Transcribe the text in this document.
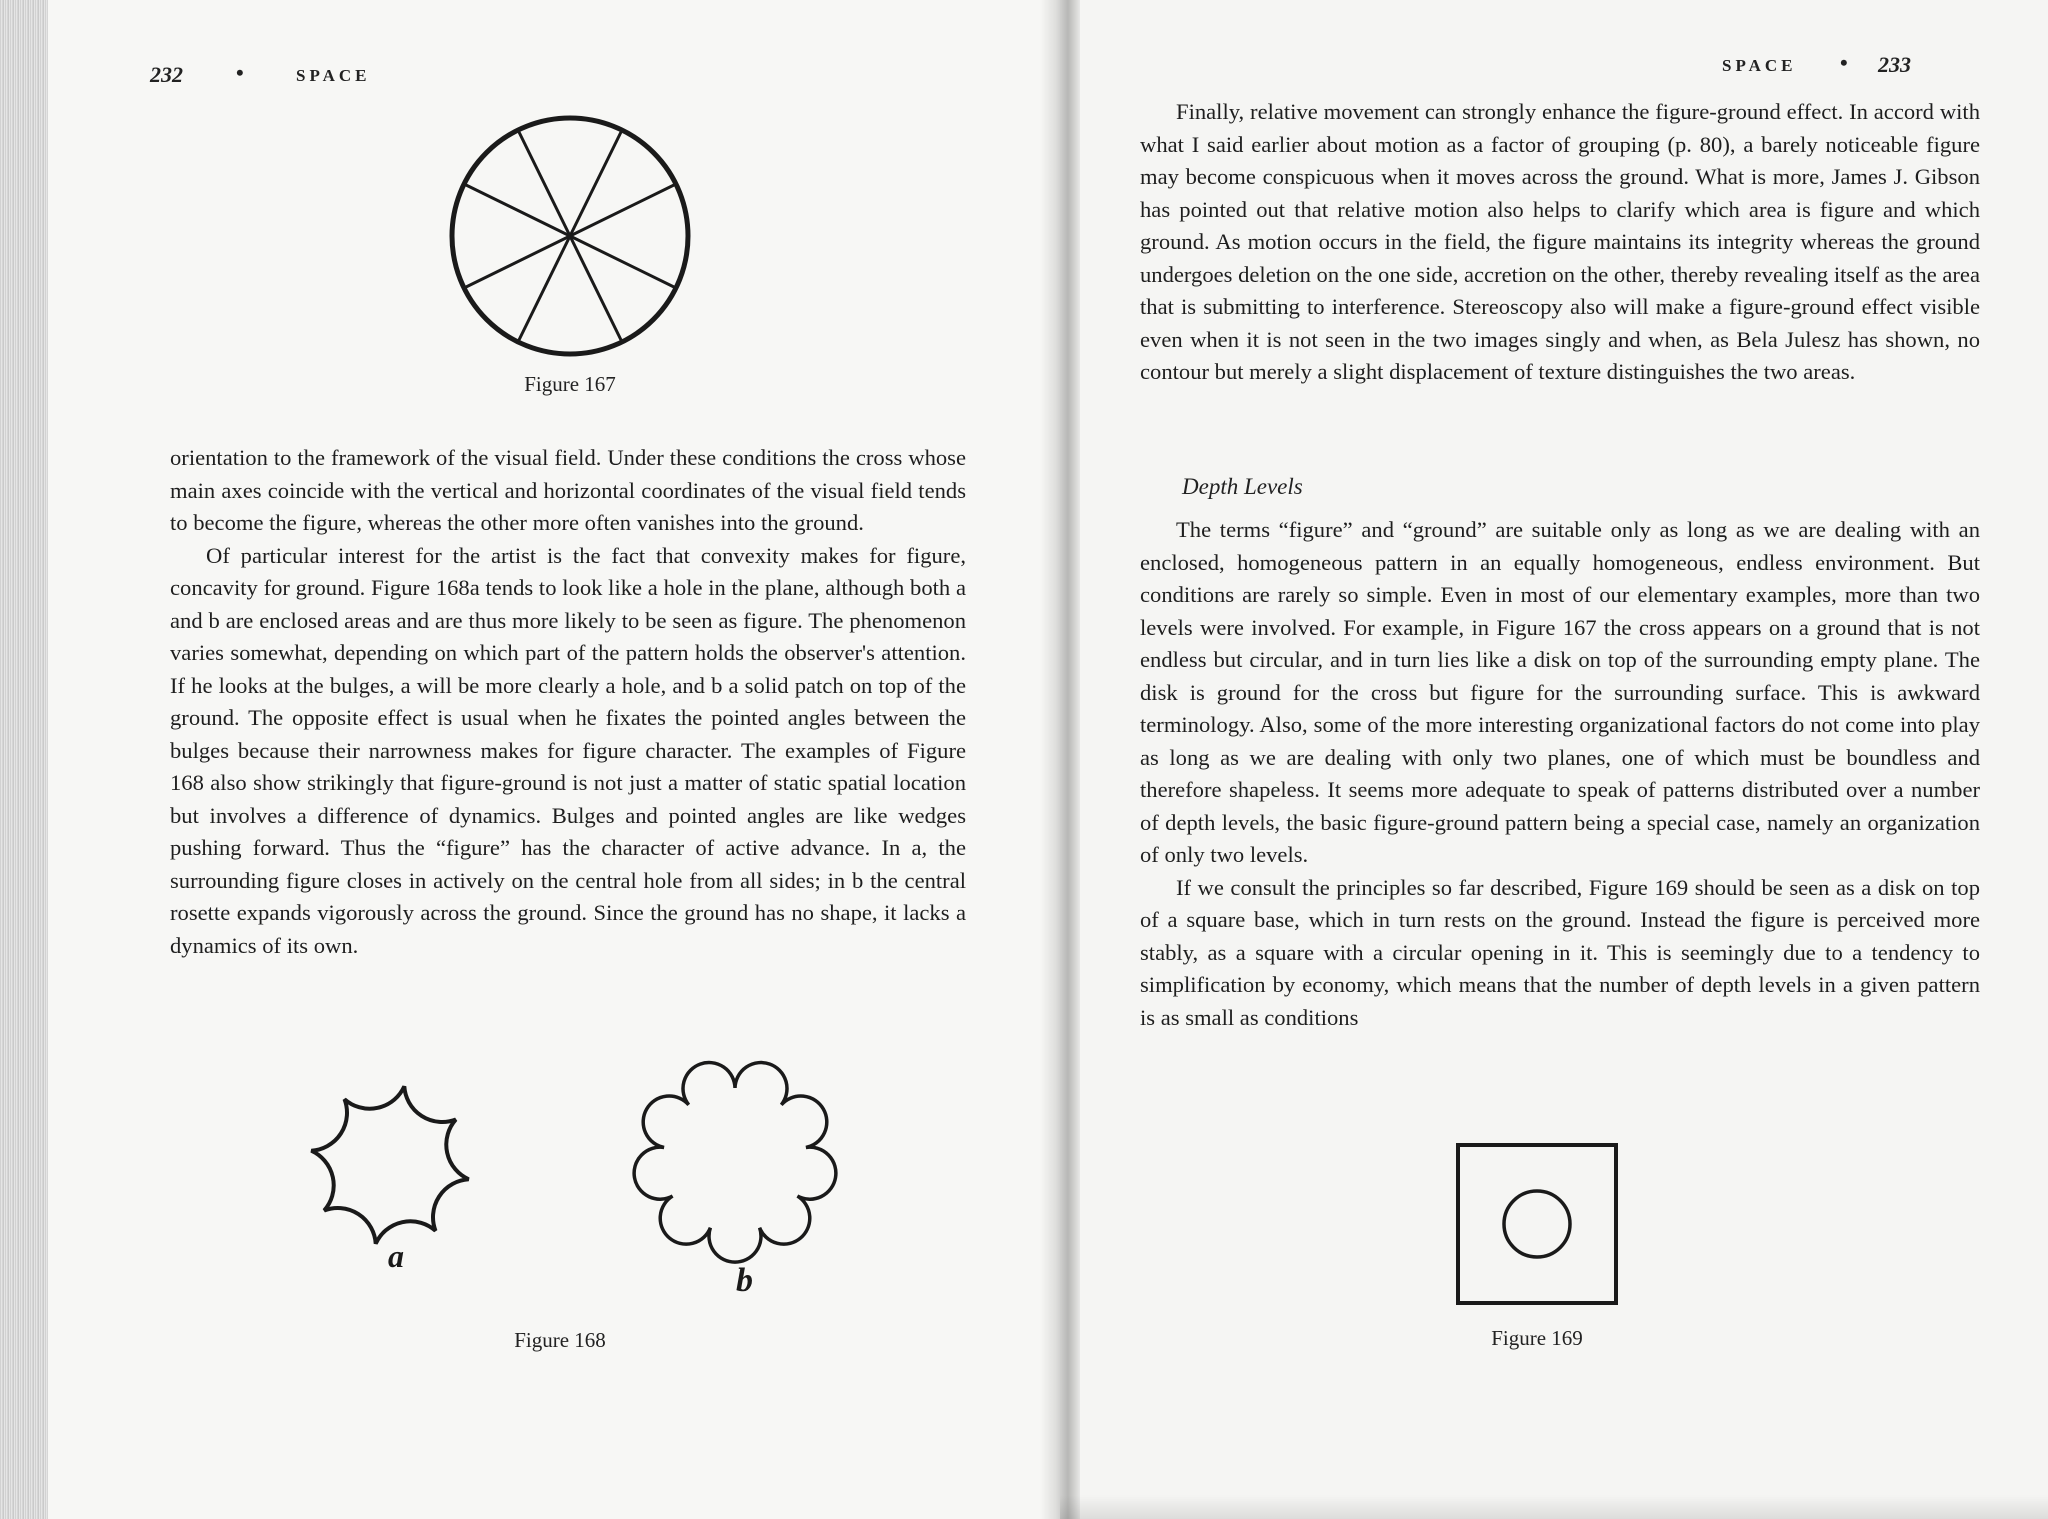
232 •	SPACE
Figure 167

orientation to the framework of the visual field. Under these conditions the cross whose main axes coincide with the vertical and horizontal coordinates of the visual field tends to become the figure, whereas the other more often vanishes into the ground.

Of particular interest for the artist is the fact that convexity makes for figure, concavity for ground. Figure 168a tends to look like a hole in the plane, although both a and b are enclosed areas and are thus more likely to be seen as figure. The phenomenon varies somewhat, depending on which part of the pattern holds the observer's attention. If he looks at the bulges, a will be more clearly a hole, and b a solid patch on top of the ground. The opposite effect is usual when he fixates the pointed angles between the bulges because their narrowness makes for figure character. The examples of Figure 168 also show strikingly that figure-ground is not just a matter of static spatial location but involves a difference of dynamics. Bulges and pointed angles are like wedges pushing forward. Thus the “figure” has the character of active advance. In a, the surrounding figure closes in actively on the central hole from all sides; in b the central rosette expands vigorously across the ground. Since the ground has no shape, it lacks a dynamics of its own.

a
b
Figure 168
SPACE • 233

Finally, relative movement can strongly enhance the figure-ground effect. In accord with what I said earlier about motion as a factor of grouping (p. 80), a barely noticeable figure may become conspicuous when it moves across the ground. What is more, James J. Gibson has pointed out that relative motion also helps to clarify which area is figure and which ground. As motion occurs in the field, the figure maintains its integrity whereas the ground undergoes deletion on the one side, accretion on the other, thereby revealing itself as the area that is submitting to interference. Stereoscopy also will make a figure-ground effect visible even when it is not seen in the two images singly and when, as Bela Julesz has shown, no contour but merely a slight displacement of texture distinguishes the two areas.

Depth Levels

The terms “figure” and “ground” are suitable only as long as we are dealing with an enclosed, homogeneous pattern in an equally homogeneous, endless environment. But conditions are rarely so simple. Even in most of our elementary examples, more than two levels were involved. For example, in Figure 167 the cross appears on a ground that is not endless but circular, and in turn lies like a disk on top of the surrounding empty plane. The disk is ground for the cross but figure for the surrounding surface. This is awkward terminology. Also, some of the more interesting organizational factors do not come into play as long as we are dealing with only two planes, one of which must be boundless and therefore shapeless. It seems more adequate to speak of patterns distributed over a number of depth levels, the basic figure-ground pattern being a special case, namely an organization of only two levels.

If we consult the principles so far described, Figure 169 should be seen as a disk on top of a square base, which in turn rests on the ground. Instead the figure is perceived more stably, as a square with a circular opening in it. This is seemingly due to a tendency to simplification by economy, which means that the number of depth levels in a given pattern is as small as conditions

Figure 169
